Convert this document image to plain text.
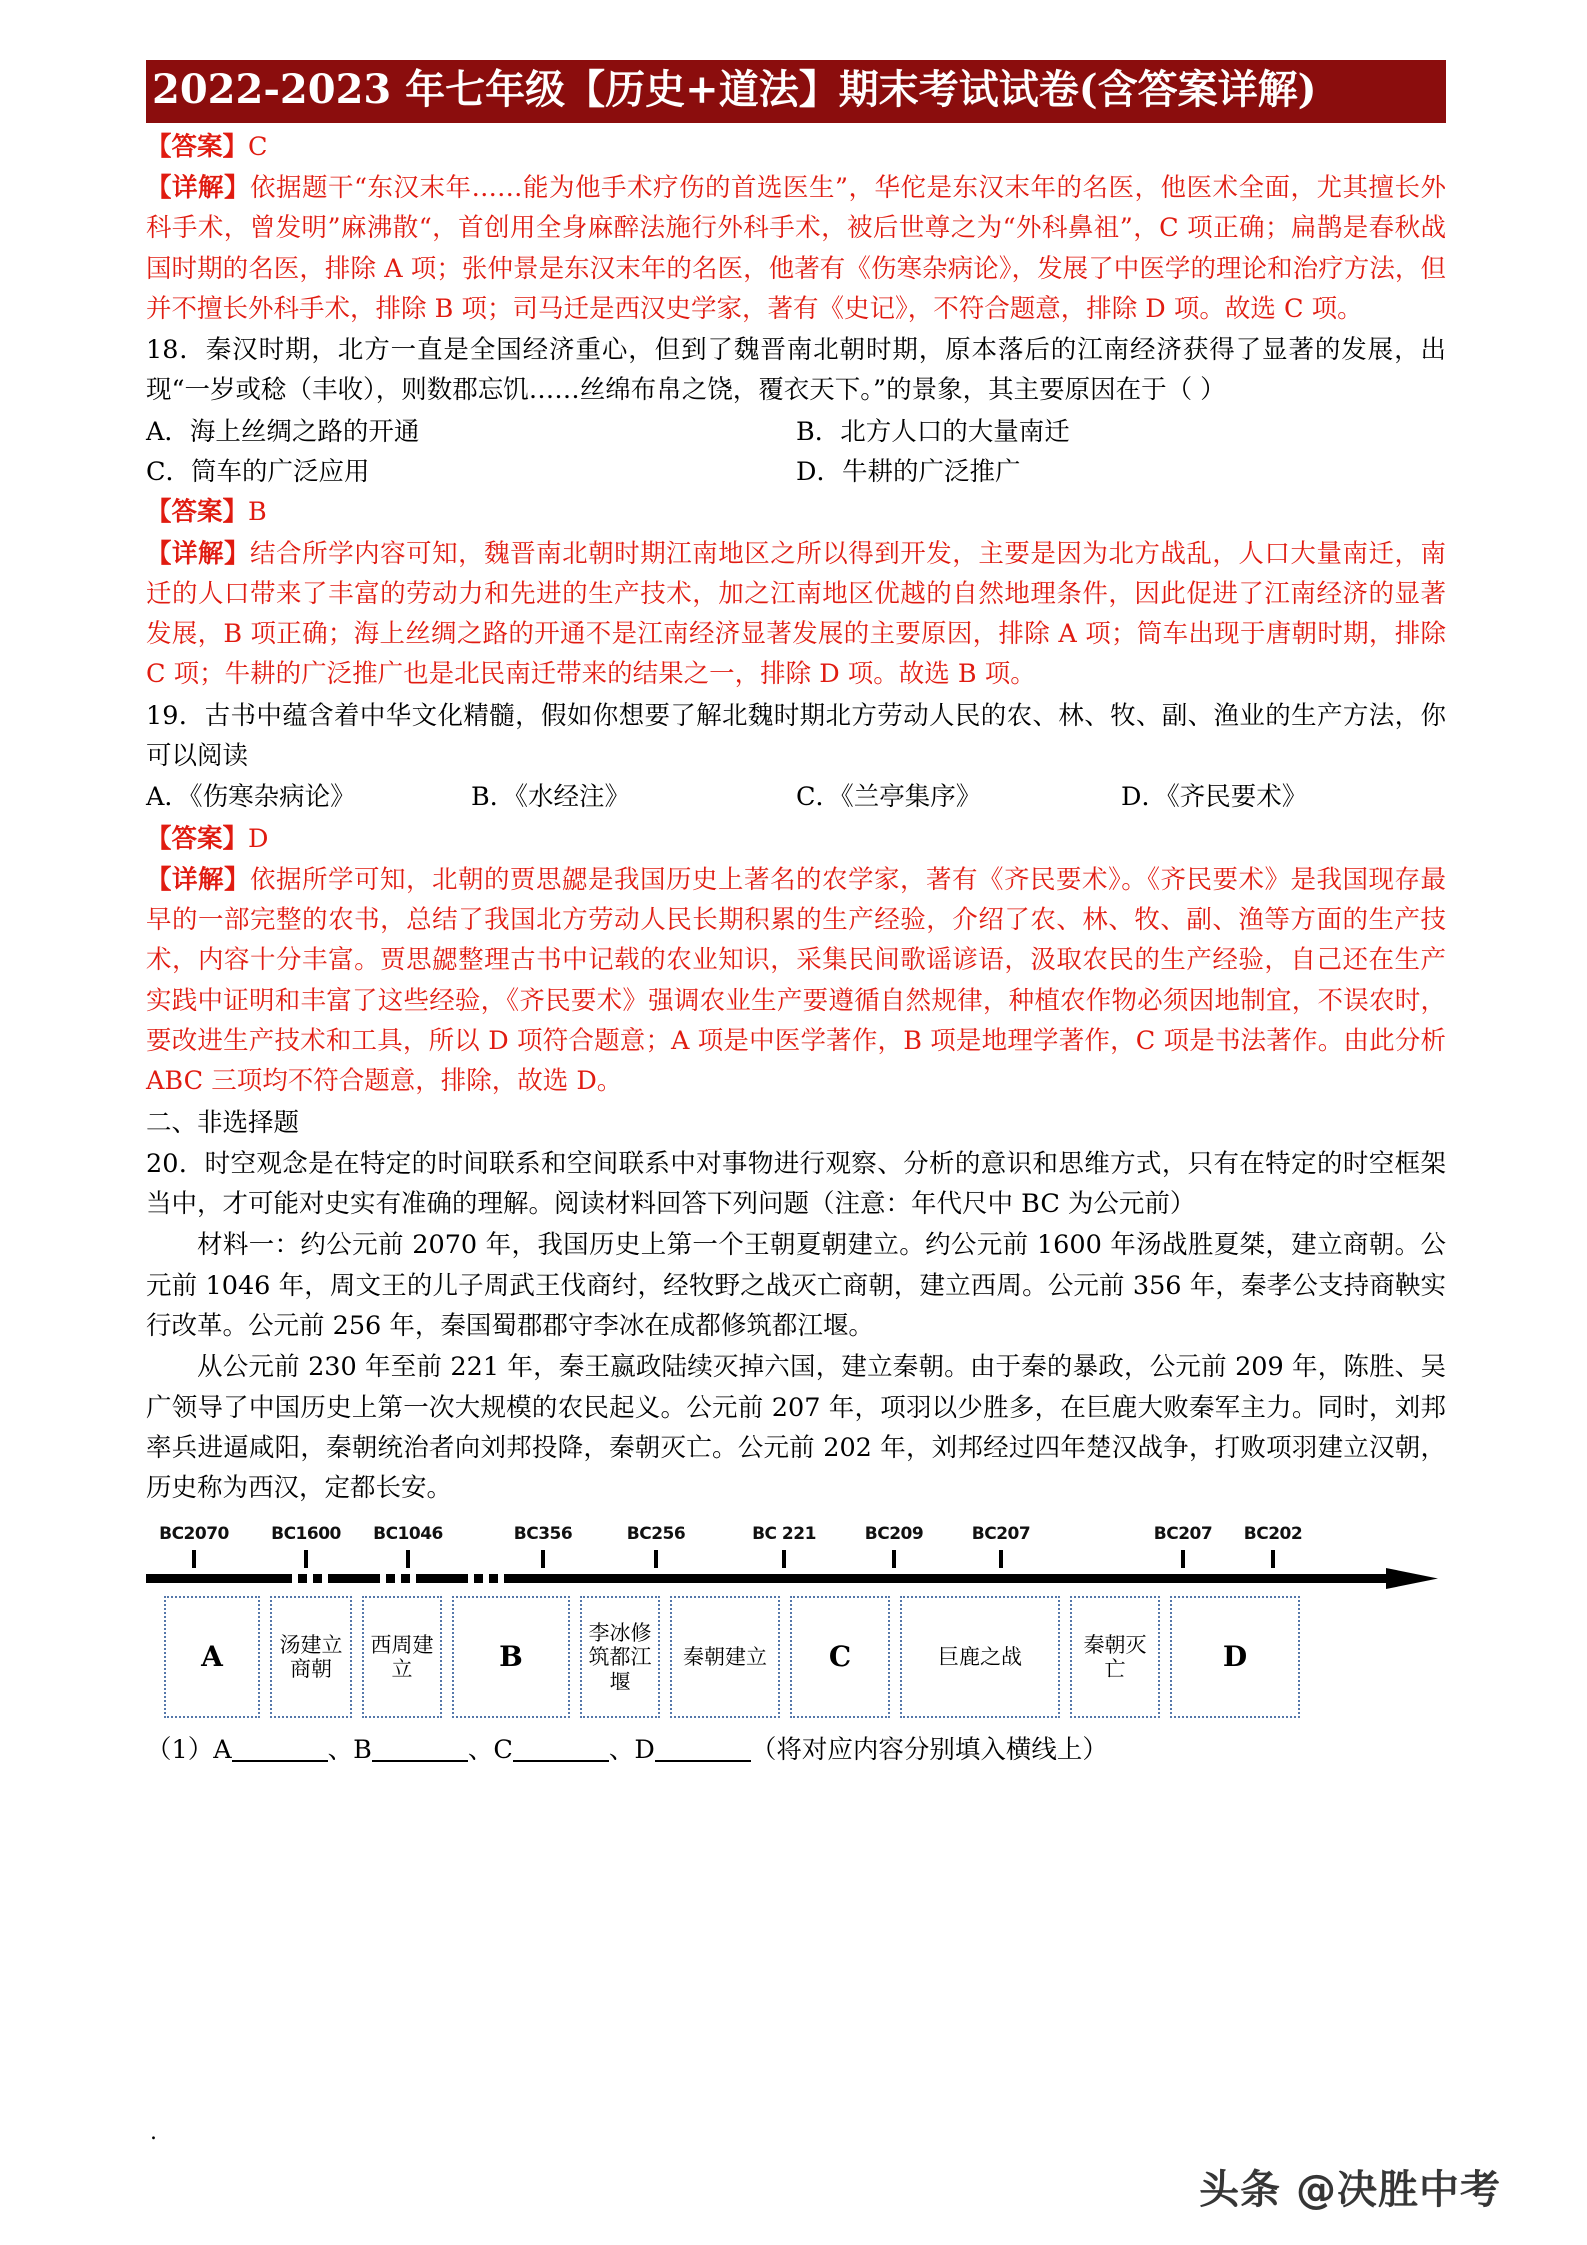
2022-2023 年七年级【历史+道法】期末考试试卷(含答案详解)

【答案】C

【详解】依据题干“东汉末年……能为他手术疗伤的首选医生”，华佗是东汉末年的名医，他医术全面，尤其擅长外科手术，曾发明”麻沸散“，首创用全身麻醉法施行外科手术，被后世尊之为“外科鼻祖”，C 项正确；扁鹊是春秋战国时期的名医，排除 A 项；张仲景是东汉末年的名医，他著有《伤寒杂病论》，发展了中医学的理论和治疗方法，但并不擅长外科手术，排除 B 项；司马迁是西汉史学家，著有《史记》，不符合题意，排除 D 项。故选 C 项。

18．秦汉时期，北方一直是全国经济重心，但到了魏晋南北朝时期，原本落后的江南经济获得了显著的发展，出现“一岁或稔（丰收），则数郡忘饥……丝绵布帛之饶，覆衣天下。”的景象，其主要原因在于（ ）

A．海上丝绸之路的开通	B．北方人口的大量南迁
C．筒车的广泛应用	D．牛耕的广泛推广

【答案】B

【详解】结合所学内容可知，魏晋南北朝时期江南地区之所以得到开发，主要是因为北方战乱，人口大量南迁，南迁的人口带来了丰富的劳动力和先进的生产技术，加之江南地区优越的自然地理条件，因此促进了江南经济的显著发展，B 项正确；海上丝绸之路的开通不是江南经济显著发展的主要原因，排除 A 项；筒车出现于唐朝时期，排除 C 项；牛耕的广泛推广也是北民南迁带来的结果之一，排除 D 项。故选 B 项。

19．古书中蕴含着中华文化精髓，假如你想要了解北魏时期北方劳动人民的农、林、牧、副、渔业的生产方法，你可以阅读

A．《伤寒杂病论》	B．《水经注》	C．《兰亭集序》	D．《齐民要术》

【答案】D

【详解】依据所学可知，北朝的贾思勰是我国历史上著名的农学家，著有《齐民要术》。《齐民要术》是我国现存最早的一部完整的农书，总结了我国北方劳动人民长期积累的生产经验，介绍了农、林、牧、副、渔等方面的生产技术，内容十分丰富。贾思勰整理古书中记载的农业知识，采集民间歌谣谚语，汲取农民的生产经验，自己还在生产实践中证明和丰富了这些经验，《齐民要术》强调农业生产要遵循自然规律，种植农作物必须因地制宜，不误农时，要改进生产技术和工具，所以 D 项符合题意；A 项是中医学著作，B 项是地理学著作，C 项是书法著作。由此分析 ABC 三项均不符合题意，排除，故选 D。

二、非选择题

20．时空观念是在特定的时间联系和空间联系中对事物进行观察、分析的意识和思维方式，只有在特定的时空框架当中，才可能对史实有准确的理解。阅读材料回答下列问题（注意：年代尺中 BC 为公元前）

材料一：约公元前 2070 年，我国历史上第一个王朝夏朝建立。约公元前 1600 年汤战胜夏桀，建立商朝。公元前 1046 年，周文王的儿子周武王伐商纣，经牧野之战灭亡商朝，建立西周。公元前 356 年，秦孝公支持商鞅实行改革。公元前 256 年，秦国蜀郡郡守李冰在成都修筑都江堰。

从公元前 230 年至前 221 年，秦王嬴政陆续灭掉六国，建立秦朝。由于秦的暴政，公元前 209 年，陈胜、吴广领导了中国历史上第一次大规模的农民起义。公元前 207 年，项羽以少胜多，在巨鹿大败秦军主力。同时，刘邦率兵进逼咸阳，秦朝统治者向刘邦投降，秦朝灭亡。公元前 202 年，刘邦经过四年楚汉战争，打败项羽建立汉朝，历史称为西汉，定都长安。

BC2070 BC1600 BC1046	BC356	BC256	BC 221	BC209	BC207	BC207 BC202
A	汤建立商朝
西周建立	B
李冰修筑都江堰
秦朝建立 C	巨鹿之战
秦朝灭亡	D

（1）A	、B	、C	、D	（将对应内容分别填入横线上）

.
头条 @决胜中考
